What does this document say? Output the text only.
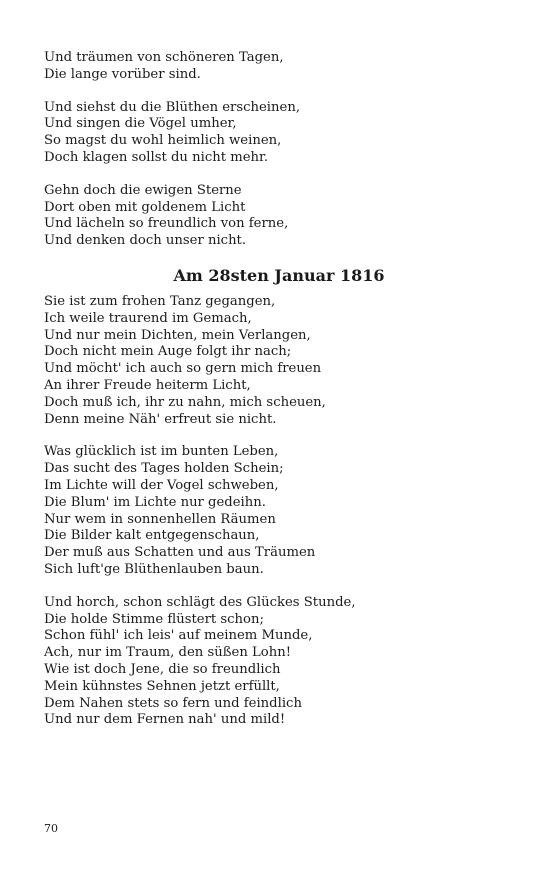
Und träumen von schöneren Tagen,
Die lange vorüber sind.
Und siehst du die Blüthen erscheinen,
Und singen die Vögel umher,
So magst du wohl heimlich weinen,
Doch klagen sollst du nicht mehr.
Gehn doch die ewigen Sterne
Dort oben mit goldenem Licht
Und lächeln so freundlich von ferne,
Und denken doch unser nicht.
Am 28sten Januar 1816
Sie ist zum frohen Tanz gegangen,
Ich weile traurend im Gemach,
Und nur mein Dichten, mein Verlangen,
Doch nicht mein Auge folgt ihr nach;
Und möcht' ich auch so gern mich freuen
An ihrer Freude heiterm Licht,
Doch muß ich, ihr zu nahn, mich scheuen,
Denn meine Näh' erfreut sie nicht.
Was glücklich ist im bunten Leben,
Das sucht des Tages holden Schein;
Im Lichte will der Vogel schweben,
Die Blum' im Lichte nur gedeihn.
Nur wem in sonnenhellen Räumen
Die Bilder kalt entgegenschaun,
Der muß aus Schatten und aus Träumen
Sich luft'ge Blüthenlauben baun.
Und horch, schon schlägt des Glückes Stunde,
Die holde Stimme flüstert schon;
Schon fühl' ich leis' auf meinem Munde,
Ach, nur im Traum, den süßen Lohn!
Wie ist doch Jene, die so freundlich
Mein kühnstes Sehnen jetzt erfüllt,
Dem Nahen stets so fern und feindlich
Und nur dem Fernen nah' und mild!
70
